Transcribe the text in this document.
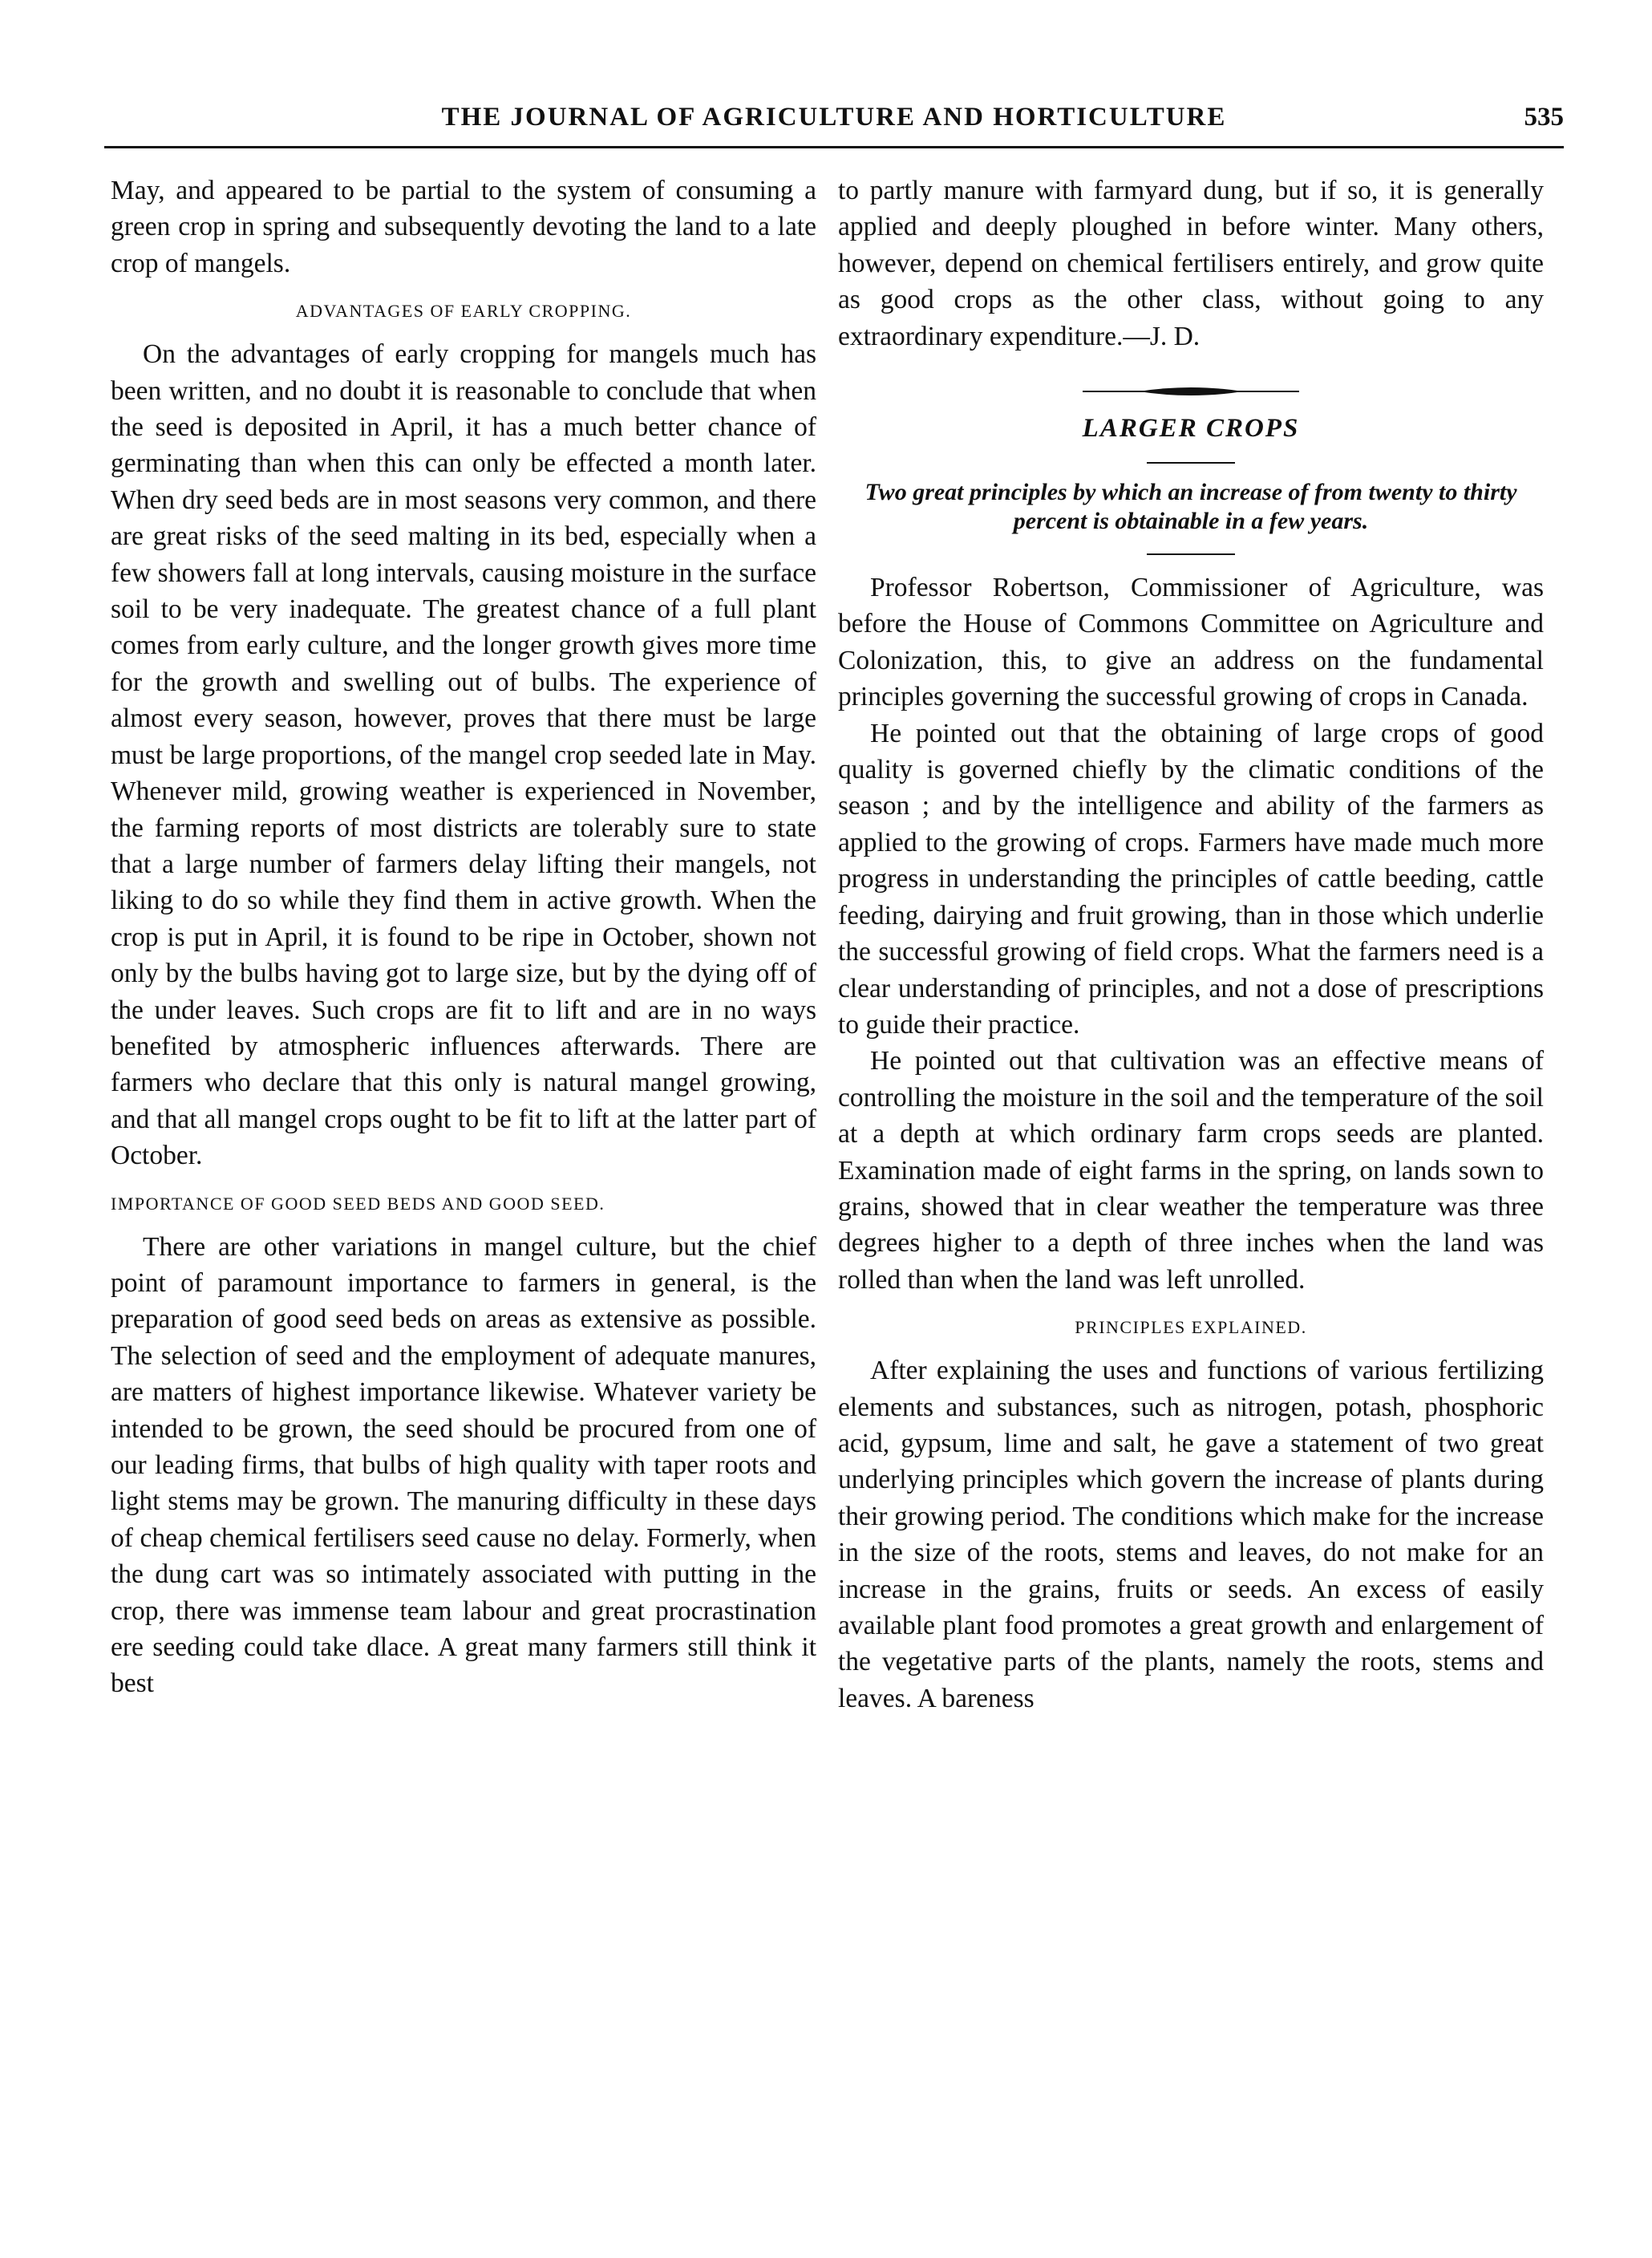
THE JOURNAL OF AGRICULTURE AND HORTICULTURE	535

May, and appeared to be partial to the system of consuming a green crop in spring and subsequently devoting the land to a late crop of mangels.

ADVANTAGES OF EARLY CROPPING.

On the advantages of early cropping for mangels much has been written, and no doubt it is reasonable to conclude that when the seed is deposited in April, it has a much better chance of germinating than when this can only be effected a month later. When dry seed beds are in most seasons very common, and there are great risks of the seed malting in its bed, especially when a few showers fall at long intervals, causing moisture in the surface soil to be very inadequate. The greatest chance of a full plant comes from early culture, and the longer growth gives more time for the growth and swelling out of bulbs. The experience of almost every season, however, proves that there must be large must be large proportions, of the mangel crop seeded late in May. Whenever mild, growing weather is experienced in November, the farming reports of most districts are tolerably sure to state that a large number of farmers delay lifting their mangels, not liking to do so while they find them in active growth. When the crop is put in April, it is found to be ripe in October, shown not only by the bulbs having got to large size, but by the dying off of the under leaves. Such crops are fit to lift and are in no ways benefited by atmospheric influences afterwards. There are farmers who declare that this only is natural mangel growing, and that all mangel crops ought to be fit to lift at the latter part of October.

IMPORTANCE OF GOOD SEED BEDS AND GOOD SEED.

There are other variations in mangel culture, but the chief point of paramount importance to farmers in general, is the preparation of good seed beds on areas as extensive as possible. The selection of seed and the employment of adequate manures, are matters of highest importance likewise. Whatever variety be intended to be grown, the seed should be procured from one of our leading firms, that bulbs of high quality with taper roots and light stems may be grown. The manuring difficulty in these days of cheap chemical fertilisers seed cause no delay. Formerly, when the dung cart was so intimately associated with putting in the crop, there was immense team labour and great procrastination ere seeding could take dlace. A great many farmers still think it best

to partly manure with farmyard dung, but if so, it is generally applied and deeply ploughed in before winter. Many others, however, depend on chemical fertilisers entirely, and grow quite as good crops as the other class, without going to any extraordinary expenditure.—J. D.

LARGER CROPS
Two great principles by which an increase of from twenty to thirty percent is obtainable in a few years.

Professor Robertson, Commissioner of Agriculture, was before the House of Commons Committee on Agriculture and Colonization, this, to give an address on the fundamental principles governing the successful growing of crops in Canada.

He pointed out that the obtaining of large crops of good quality is governed chiefly by the climatic conditions of the season ; and by the intelligence and ability of the farmers as applied to the growing of crops. Farmers have made much more progress in understanding the principles of cattle beeding, cattle feeding, dairying and fruit growing, than in those which underlie the successful growing of field crops. What the farmers need is a clear understanding of principles, and not a dose of prescriptions to guide their practice.

He pointed out that cultivation was an effective means of controlling the moisture in the soil and the temperature of the soil at a depth at which ordinary farm crops seeds are planted. Examination made of eight farms in the spring, on lands sown to grains, showed that in clear weather the temperature was three degrees higher to a depth of three inches when the land was rolled than when the land was left unrolled.

PRINCIPLES EXPLAINED.

After explaining the uses and functions of various fertilizing elements and substances, such as nitrogen, potash, phosphoric acid, gypsum, lime and salt, he gave a statement of two great underlying principles which govern the increase of plants during their growing period. The conditions which make for the increase in the size of the roots, stems and leaves, do not make for an increase in the grains, fruits or seeds. An excess of easily available plant food promotes a great growth and enlargement of the vegetative parts of the plants, namely the roots, stems and leaves. A bareness
